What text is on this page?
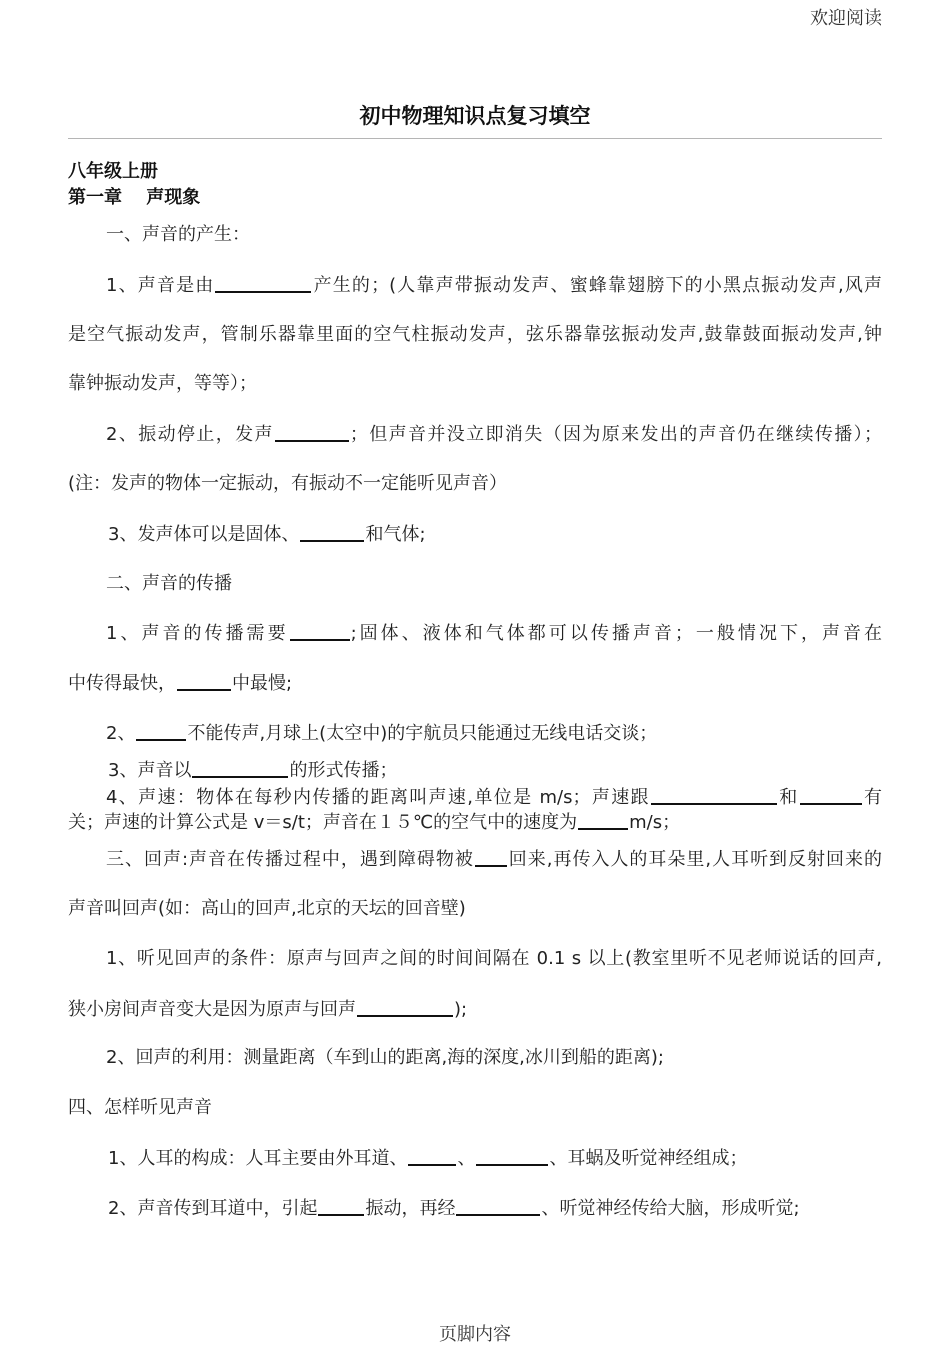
欢迎阅读
初中物理知识点复习填空
八年级上册
第一章　 声现象
一、声音的产生：
1、声音是由	产生的；(人靠声带振动发声、蜜蜂靠翅膀下的小黑点振动发声,风声
是空气振动发声，管制乐器靠里面的空气柱振动发声，弦乐器靠弦振动发声,鼓靠鼓面振动发声,钟
靠钟振动发声，等等）；
2、振动停止，发声	；但声音并没立即消失（因为原来发出的声音仍在继续传播）；
(注：发声的物体一定振动，有振动不一定能听见声音）
3、发声体可以是固体、	和气体;
二、声音的传播
1、声音的传播需要	;固体、液体和气体都可以传播声音；一般情况下，声音在
中传得最快，	中最慢;
2、	不能传声,月球上(太空中)的宇航员只能通过无线电话交谈；
3、声音以	的形式传播；
4、声速：物体在每秒内传播的距离叫声速,单位是 m/s；声速跟	和	有
关；声速的计算公式是 v＝s/t；声音在１５℃的空气中的速度为	m/s；
三、回声:声音在传播过程中，遇到障碍物被 回来,再传入人的耳朵里,人耳听到反射回来的
声音叫回声(如：高山的回声,北京的天坛的回音壁)
1、听见回声的条件：原声与回声之间的时间间隔在 0.1 s 以上(教室里听不见老师说话的回声,
狭小房间声音变大是因为原声与回声	);
2、回声的利用：测量距离（车到山的距离,海的深度,冰川到船的距离);
四、怎样听见声音
1、人耳的构成：人耳主要由外耳道、	、	、耳蜗及听觉神经组成；
2、声音传到耳道中，引起	振动，再经	、听觉神经传给大脑，形成听觉;
页脚内容
